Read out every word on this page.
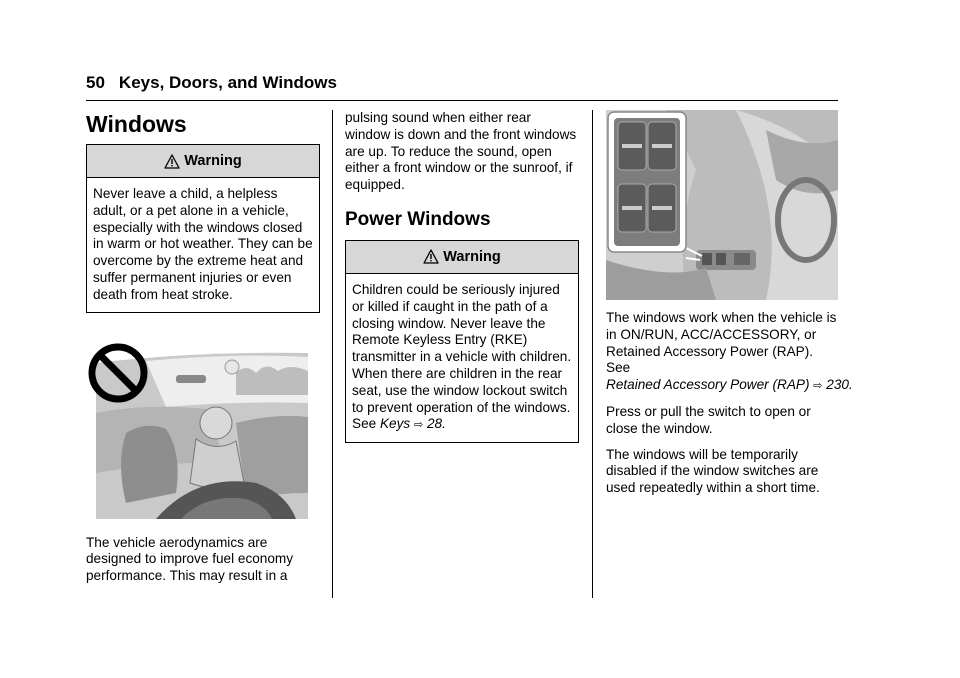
50 Keys, Doors, and Windows
Windows
Warning
Never leave a child, a helpless adult, or a pet alone in a vehicle, especially with the windows closed in warm or hot weather. They can be overcome by the extreme heat and suffer permanent injuries or even death from heat stroke.

The vehicle aerodynamics are designed to improve fuel economy performance. This may result in a

pulsing sound when either rear window is down and the front windows are up. To reduce the sound, open either a front window or the sunroof, if equipped.

Power Windows
Warning
Children could be seriously injured or killed if caught in the path of a closing window. Never leave the Remote Keyless Entry (RKE) transmitter in a vehicle with children. When there are children in the rear seat, use the window lockout switch to prevent operation of the windows. See Keys ⇨ 28.

The windows work when the vehicle is in ON/RUN, ACC/ACCESSORY, or Retained Accessory Power (RAP). See Retained Accessory Power (RAP) ⇨ 230.

Press or pull the switch to open or close the window.

The windows will be temporarily disabled if the window switches are used repeatedly within a short time.
